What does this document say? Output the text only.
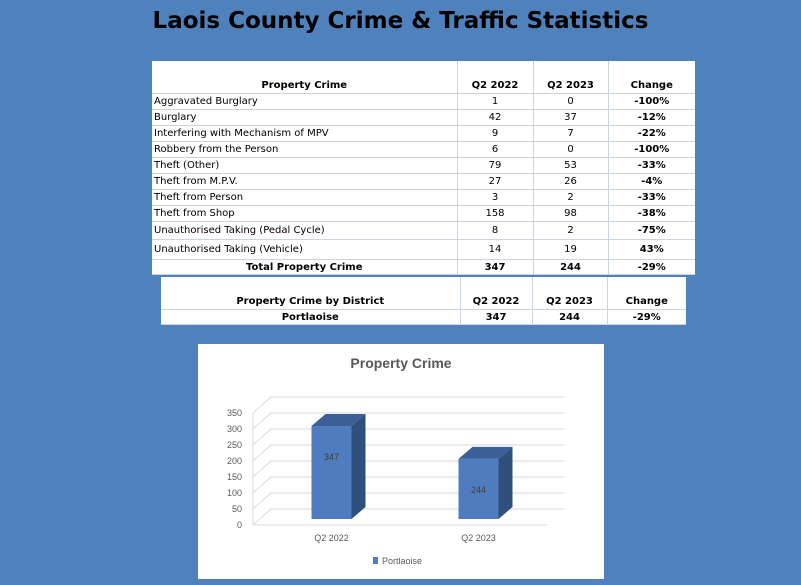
Laois County Crime & Traffic Statistics
Property Crime	Q2 2022	Q2 2023	Change
Aggravated Burglary	1	0	-100%
Burglary	42	37	-12%
Interfering with Mechanism of MPV	9	7	-22%
Robbery from the Person	6	0	-100%
Theft (Other)	79	53	-33%
Theft from M.P.V.	27	26	-4%
Theft from Person	3	2	-33%
Theft from Shop	158	98	-38%
Unauthorised Taking (Pedal Cycle)	8	2	-75%
Unauthorised Taking (Vehicle)	14	19	43%
Total Property Crime	347	244	-29%
Property Crime by District	Q2 2022	Q2 2023	Change
Portlaoise	347	244	-29%
Property Crime
0
50
100
150
200
250
300
350
347
Q2 2022
244
Q2 2023
Portlaoise
